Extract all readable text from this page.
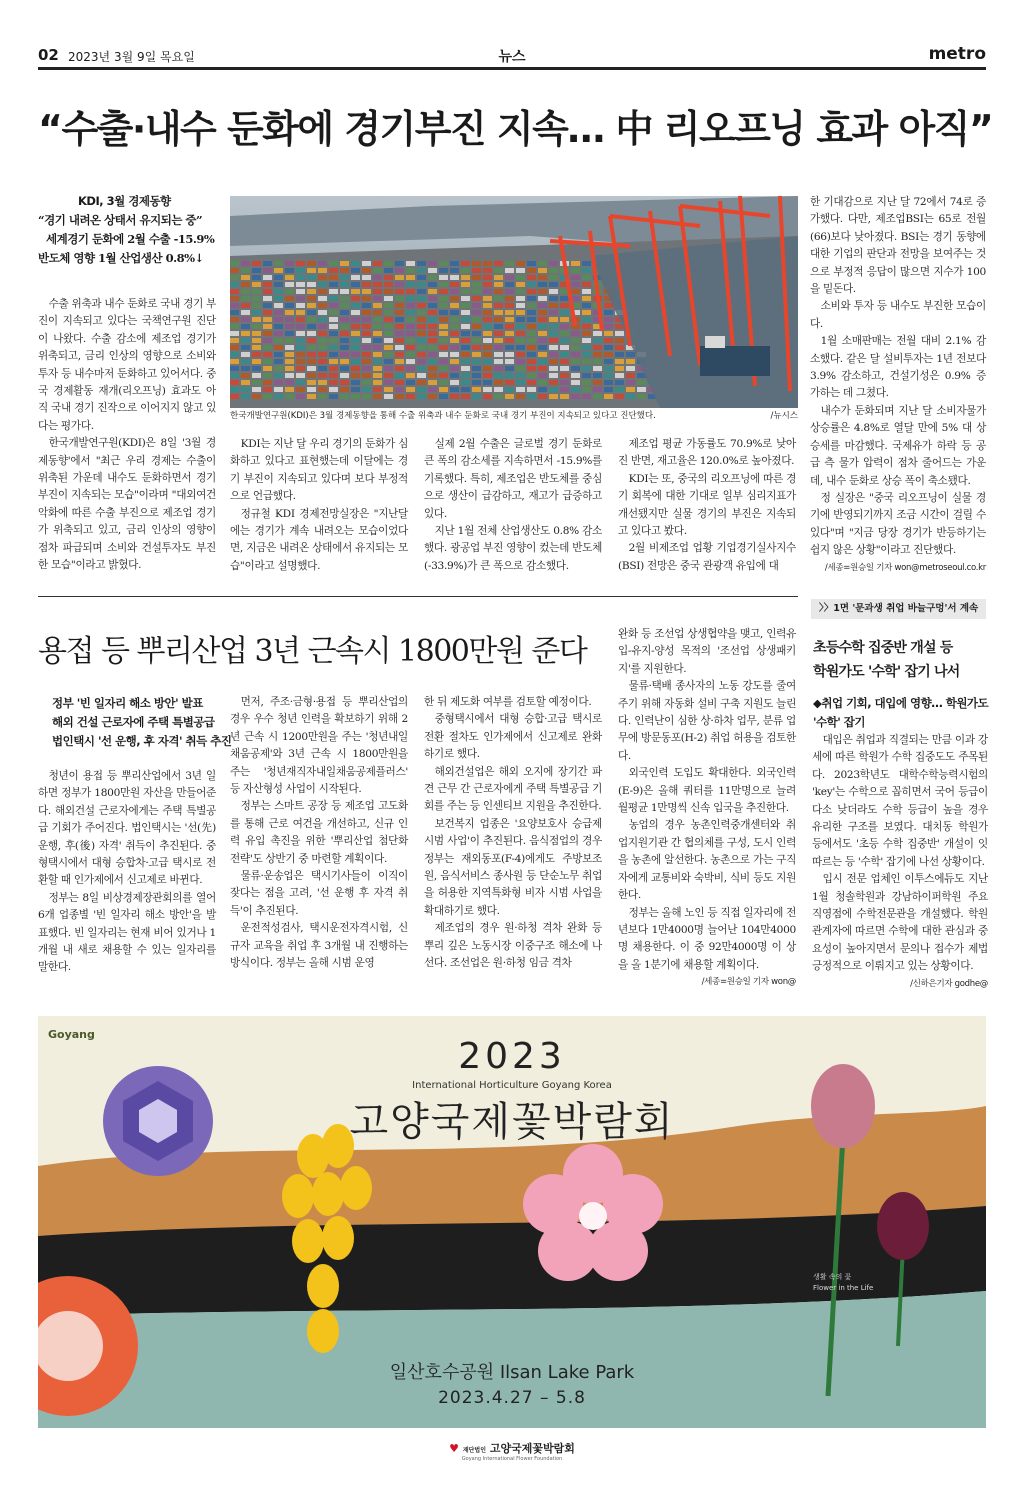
02 2023년 3월 9일 목요일	뉴스	metro
“수출·내수 둔화에 경기부진 지속… 中 리오프닝 효과 아직”
KDI, 3월 경제동향
“경기 내려온 상태서 유지되는 중”
세계경기 둔화에 2월 수출 -15.9%
반도체 영향 1월 산업생산 0.8%↓

수출 위축과 내수 둔화로 국내 경기 부진이 지속되고 있다는 국책연구원 진단이 나왔다. 수출 감소에 제조업 경기가 위축되고, 금리 인상의 영향으로 소비와 투자 등 내수마저 둔화하고 있어서다. 중국 경제활동 재개(리오프닝) 효과도 아직 국내 경기 진작으로 이어지지 않고 있다는 평가다.

한국개발연구원(KDI)은 8일 '3월 경제동향'에서 "최근 우리 경제는 수출이 위축된 가운데 내수도 둔화하면서 경기 부진이 지속되는 모습"이라며 "대외여건 악화에 따른 수출 부진으로 제조업 경기가 위축되고 있고, 금리 인상의 영향이 점차 파급되며 소비와 건설투자도 부진한 모습"이라고 밝혔다.

한국개발연구원(KDI)은 3월 경제동향을 통해 수출 위축과 내수 둔화로 국내 경기 부진이 지속되고 있다고 진단했다.	/뉴시스

KDI는 지난 달 우리 경기의 둔화가 심화하고 있다고 표현했는데 이달에는 경기 부진이 지속되고 있다며 보다 부정적으로 언급했다.

정규철 KDI 경제전망실장은 "지난달에는 경기가 계속 내려오는 모습이었다면, 지금은 내려온 상태에서 유지되는 모습"이라고 설명했다.

실제 2월 수출은 글로벌 경기 둔화로 큰 폭의 감소세를 지속하면서 -15.9%를 기록했다. 특히, 제조업은 반도체를 중심으로 생산이 급감하고, 재고가 급증하고 있다.

지난 1월 전체 산업생산도 0.8% 감소했다. 광공업 부진 영향이 컸는데 반도체(-33.9%)가 큰 폭으로 감소했다.

제조업 평균 가동률도 70.9%로 낮아진 반면, 재고율은 120.0%로 높아졌다.

KDI는 또, 중국의 리오프닝에 따른 경기 회복에 대한 기대로 일부 심리지표가 개선됐지만 실물 경기의 부진은 지속되고 있다고 봤다.

2월 비제조업 업황 기업경기실사지수(BSI) 전망은 중국 관광객 유입에 대

한 기대감으로 지난 달 72에서 74로 증가했다. 다만, 제조업BSI는 65로 전월(66)보다 낮아졌다. BSI는 경기 동향에 대한 기업의 판단과 전망을 보여주는 것으로 부정적 응답이 많으면 지수가 100을 밑돈다.

소비와 투자 등 내수도 부진한 모습이다.

1월 소매판매는 전월 대비 2.1% 감소했다. 같은 달 설비투자는 1년 전보다 3.9% 감소하고, 건설기성은 0.9% 증가하는 데 그쳤다.

내수가 둔화되며 지난 달 소비자물가 상승률은 4.8%로 열달 만에 5% 대 상승세를 마감했다. 국제유가 하락 등 공급 측 물가 압력이 점차 줄어드는 가운데, 내수 둔화로 상승 폭이 축소됐다.

정 실장은 "중국 리오프닝이 실물 경기에 반영되기까지 조금 시간이 걸릴 수 있다"며 "지금 당장 경기가 반등하기는 쉽지 않은 상황"이라고 진단했다.

/세종=원승일 기자 won@metroseoul.co.kr

용접 등 뿌리산업 3년 근속시 1800만원 준다
정부 '빈 일자리 해소 방안' 발표
해외 건설 근로자에 주택 특별공급
법인택시 '선 운행, 후 자격' 취득 추진

청년이 용접 등 뿌리산업에서 3년 일하면 정부가 1800만원 자산을 만들어준다. 해외건설 근로자에게는 주택 특별공급 기회가 주어진다. 법인택시는 '선(先) 운행, 후(後) 자격' 취득이 추진된다. 중형택시에서 대형 승합차·고급 택시로 전환할 때 인가제에서 신고제로 바뀐다.

정부는 8일 비상경제장관회의를 열어 6개 업종별 '빈 일자리 해소 방안'을 발표했다. 빈 일자리는 현재 비어 있거나 1개월 내 새로 채용할 수 있는 일자리를 말한다.

먼저, 주조·금형·용접 등 뿌리산업의 경우 우수 청년 인력을 확보하기 위해 2년 근속 시 1200만원을 주는 '청년내일채움공제'와 3년 근속 시 1800만원을 주는 '청년재직자내일채움공제플러스' 등 자산형성 사업이 시작된다.

정부는 스마트 공장 등 제조업 고도화를 통해 근로 여건을 개선하고, 신규 인력 유입 촉진을 위한 '뿌리산업 첨단화 전략'도 상반기 중 마련할 계획이다.

물류·운송업은 택시기사들이 이직이 잦다는 점을 고려, '선 운행 후 자격 취득'이 추진된다.

운전적성검사, 택시운전자격시험, 신규자 교육을 취업 후 3개월 내 진행하는 방식이다. 정부는 올해 시범 운영

한 뒤 제도화 여부를 검토할 예정이다.

중형택시에서 대형 승합·고급 택시로 전환 절차도 인가제에서 신고제로 완화하기로 했다.

해외건설업은 해외 오지에 장기간 파견 근무 간 근로자에게 주택 특별공급 기회를 주는 등 인센티브 지원을 추진한다.

보건복지 업종은 '요양보호사 승급제 시범 사업'이 추진된다. 음식점업의 경우 정부는 재외동포(F-4)에게도 주방보조원, 음식서비스 종사원 등 단순노무 취업을 허용한 지역특화형 비자 시범 사업을 확대하기로 했다.

제조업의 경우 원·하청 격차 완화 등 뿌리 깊은 노동시장 이중구조 해소에 나선다. 조선업은 원·하청 임금 격차

완화 등 조선업 상생협약을 맺고, 인력유입-유지-양성 목적의 '조선업 상생패키지'를 지원한다.

물류·택배 종사자의 노동 강도를 줄여주기 위해 자동화 설비 구축 지원도 늘린다. 인력난이 심한 상·하차 업무, 분류 업무에 방문동포(H-2) 취업 허용을 검토한다.

외국인력 도입도 확대한다. 외국인력(E-9)은 올해 쿼터를 11만명으로 늘려 월평균 1만명씩 신속 입국을 추진한다.

농업의 경우 농촌인력중개센터와 취업지원기관 간 협의체를 구성, 도시 인력을 농촌에 알선한다. 농촌으로 가는 구직자에게 교통비와 숙박비, 식비 등도 지원한다.

정부는 올해 노인 등 직접 일자리에 전년보다 1만4000명 늘어난 104만4000명 채용한다. 이 중 92만4000명 이 상을 올 1분기에 채용할 계획이다.

/세종=원승일 기자 won@

〉〉1면 '문과생 취업 바늘구멍'서 계속
초등수학 집중반 개설 등
학원가도 '수학' 잡기 나서
◆취업 기회, 대입에 영향… 학원가도
'수학' 잡기

대입은 취업과 직결되는 만큼 이과 강세에 따른 학원가 수학 집중도도 주목된다. 2023학년도 대학수학능력시험의 'key'는 수학으로 꼽히면서 국어 등급이 다소 낮더라도 수학 등급이 높을 경우 유리한 구조를 보였다. 대치동 학원가 등에서도 '초등 수학 집중반' 개설이 잇따르는 등 '수학' 잡기에 나선 상황이다.

입시 전문 업체인 이투스에듀도 지난 1월 청솔학원과 강남하이퍼학원 주요 직영점에 수학전문관을 개설했다. 학원 관계자에 따르면 수학에 대한 관심과 중요성이 높아지면서 문의나 접수가 제법 긍정적으로 이뤄지고 있는 상황이다.

/신하은기자 godhe@

Goyang
2023
International Horticulture Goyang Korea
고양국제꽃박람회
일산호수공원 Ilsan Lake Park
2023.4.27 – 5.8
생활 속의 꽃
Flower in the Life
♥ 재단법인 고양국제꽃박람회
Goyang International Flower Foundation
